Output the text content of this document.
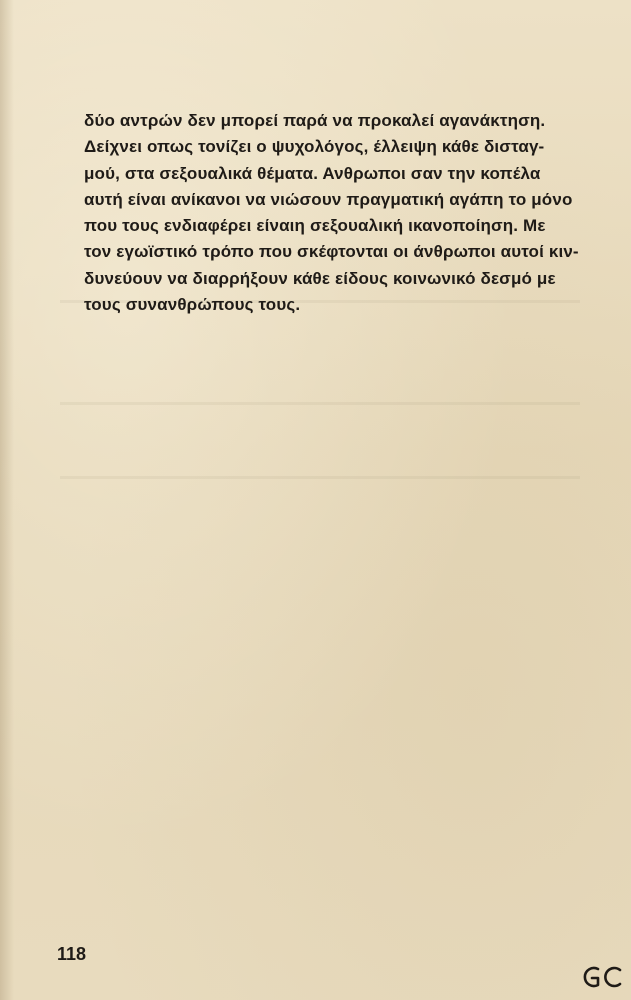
δύο αντρών δεν μπορεί παρά να προκαλεί αγανάκτηση.
Δείχνει οπως τονίζει ο ψυχολόγος, έλλειψη κάθε δισταγ-
μού, στα σεξουαλικά θέματα. Ανθρωποι σαν την κοπέλα
αυτή είναι ανίκανοι να νιώσουν πραγματική αγάπη το μόνο
που τους ενδιαφέρει είναιη σεξουαλική ικανοποίηση. Με
τον εγωϊστικό τρόπο που σκέφτονται οι άνθρωποι αυτοί κιν-
δυνεύουν να διαρρήξουν κάθε είδους κοινωνικό δεσμό με
τους συνανθρώπους τους.

118
